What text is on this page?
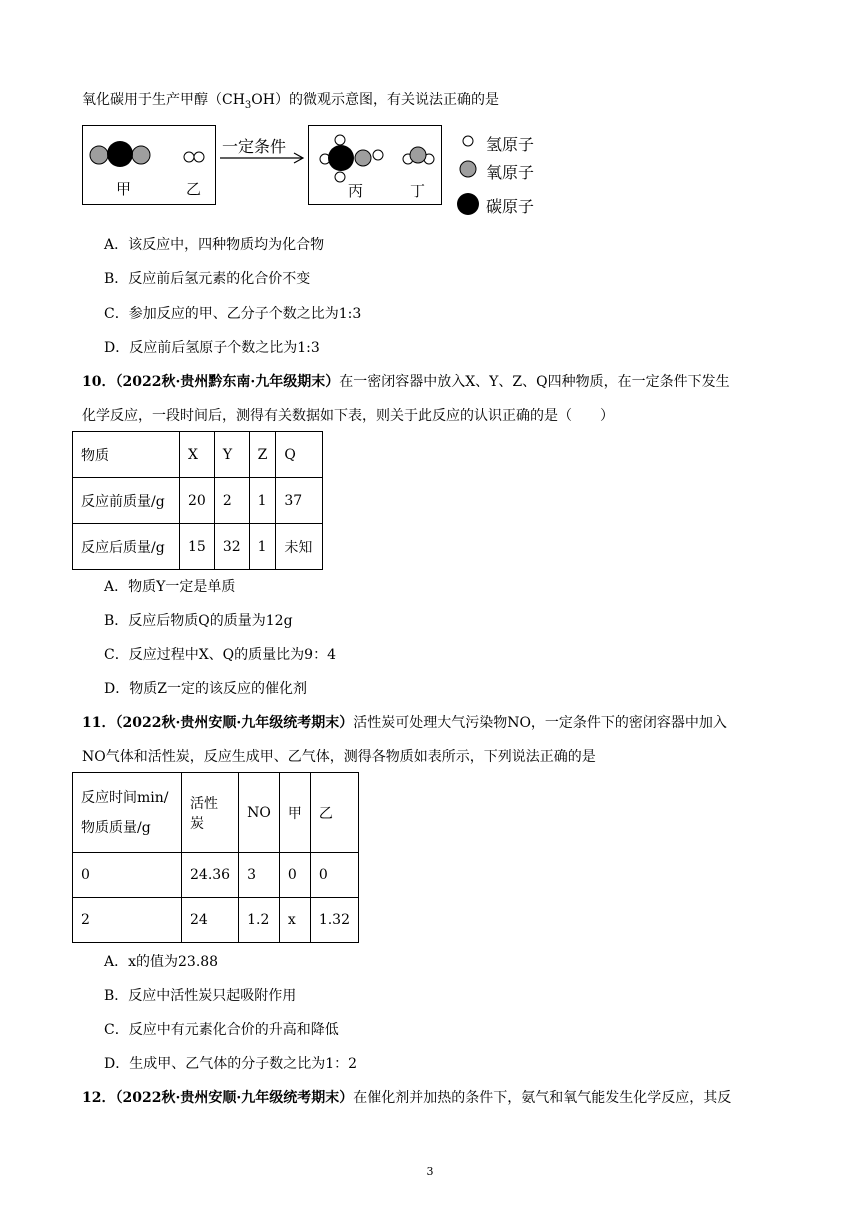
氧化碳用于生产甲醇$(CH_3OH)$的微观示意图，有关说法正确的是
甲	乙
一定条件
丙	丁
氢原子
氧原子
碳原子
A．该反应中，四种物质均为化合物
B．反应前后氢元素的化合价不变
C．参加反应的甲、乙分子个数之比为1:3
D．反应前后氢原子个数之比为1:3
10．（2022秋·贵州黔东南·九年级期末）在一密闭容器中放入X、Y、Z、Q四种物质，在一定条件下发生
化学反应，一段时间后，测得有关数据如下表，则关于此反应的认识正确的是（　　）
物质	X	Y	Z	Q
反应前质量/g	20	2	1	37
反应后质量/g	15	32	1	未知
A．物质Y一定是单质
B．反应后物质Q的质量为12g
C．反应过程中X、Q的质量比为9：4
D．物质Z一定的该反应的催化剂
11．（2022秋·贵州安顺·九年级统考期末）活性炭可处理大气污染物NO，一定条件下的密闭容器中加入
NO气体和活性炭，反应生成甲、乙气体，测得各物质如表所示，下列说法正确的是
反应时间min/
物质质量/g	活性炭	NO	甲	乙
0	24.36	3	0	0
2	24	1.2	x	1.32
A．x的值为23.88
B．反应中活性炭只起吸附作用
C．反应中有元素化合价的升高和降低
D．生成甲、乙气体的分子数之比为1：2
12．（2022秋·贵州安顺·九年级统考期末）在催化剂并加热的条件下，氨气和氧气能发生化学反应，其反
3
